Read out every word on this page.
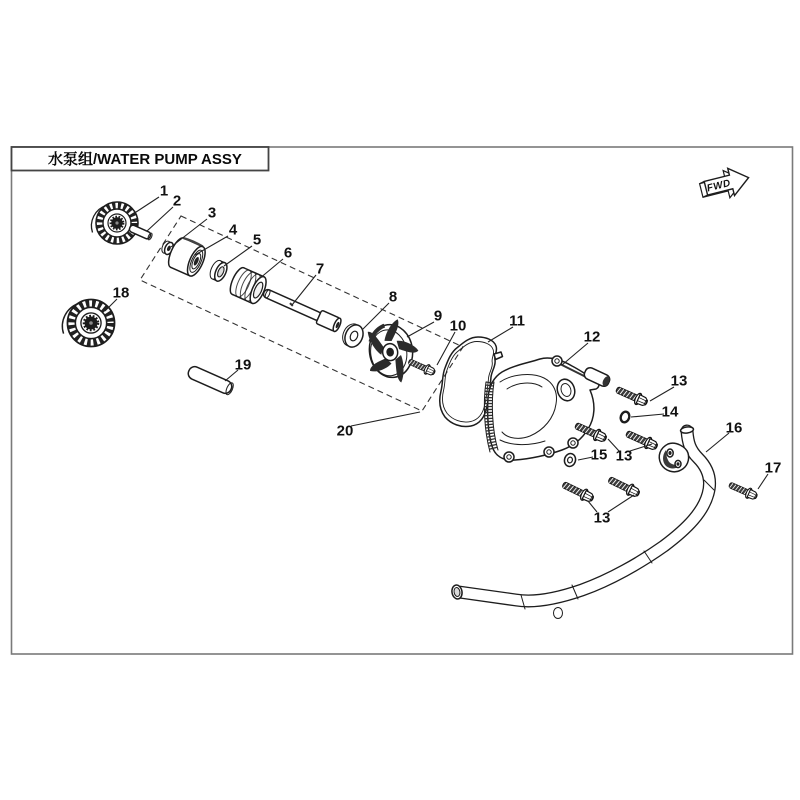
水泵组/WATER PUMP ASSY
FWD
1
2
3
4
5
6
7
8
9
10	11
12
13
14
15 13
13
16
17
18
19
20
